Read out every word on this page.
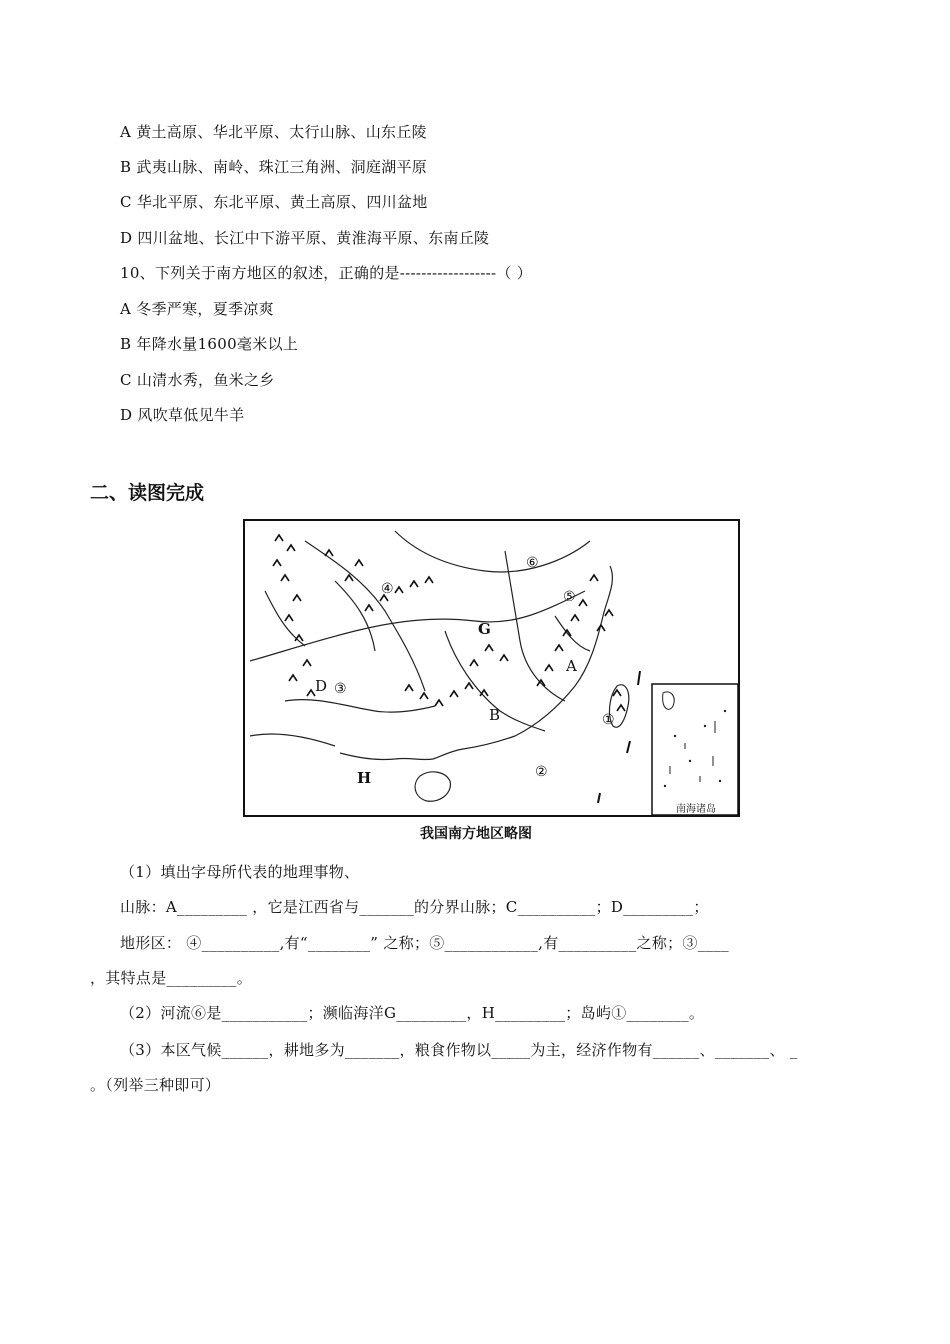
A 黄土高原、华北平原、太行山脉、山东丘陵
B 武夷山脉、南岭、珠江三角洲、洞庭湖平原
C 华北平原、东北平原、黄土高原、四川盆地
D 四川盆地、长江中下游平原、黄淮海平原、东南丘陵
10、下列关于南方地区的叙述，正确的是------------------（ ）
A 冬季严寒，夏季凉爽
B 年降水量1600毫米以上
C 山清水秀，鱼米之乡
D 风吹草低见牛羊
二、读图完成
A
B
D
G
H
①
②
③
④	⑤
⑥
南海诸岛
我国南方地区略图
（1）填出字母所代表的地理事物、
山脉：A_________ ，它是江西省与_______的分界山脉；C__________；D_________；
地形区： ④__________,有“________” 之称；⑤____________,有__________之称；③____
，其特点是_________。
（2）河流⑥是___________；濒临海洋G_________，H_________；岛屿①________。
（3）本区气候______，耕地多为_______，粮食作物以_____为主，经济作物有______、_______、 _
。（列举三种即可）
